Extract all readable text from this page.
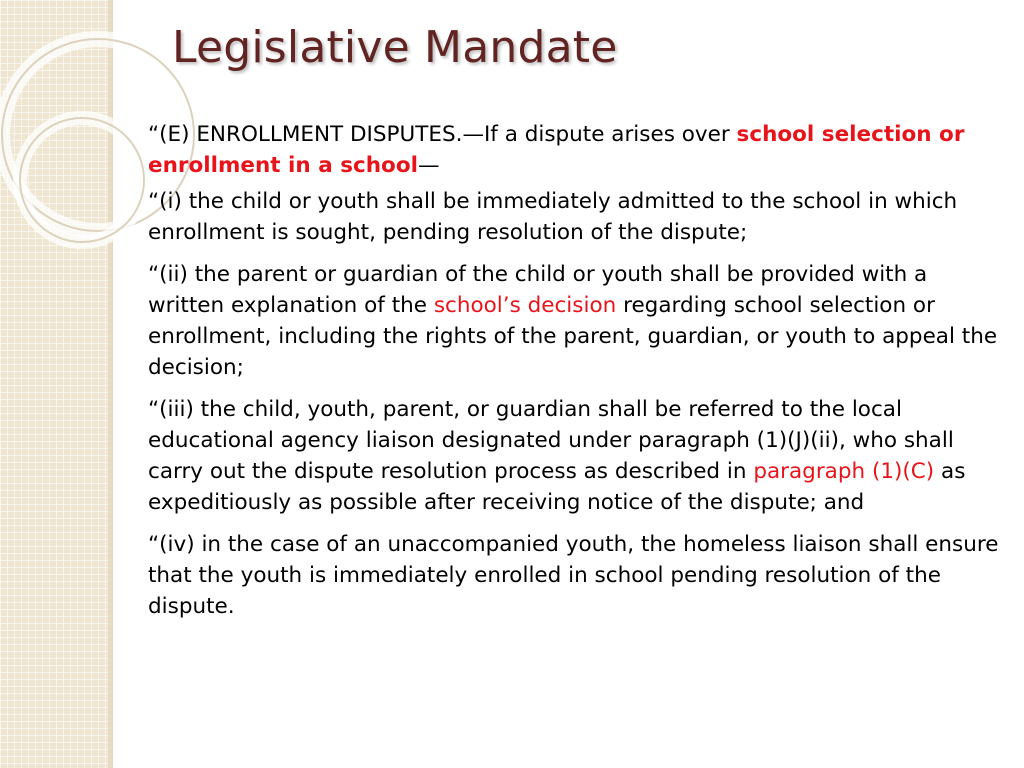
Legislative Mandate

“(E) ENROLLMENT DISPUTES.—If a dispute arises over school selection or enrollment in a school—

“(i) the child or youth shall be immediately admitted to the school in which enrollment is sought, pending resolution of the dispute;

“(ii) the parent or guardian of the child or youth shall be provided with a written explanation of the school’s decision regarding school selection or enrollment, including the rights of the parent, guardian, or youth to appeal the decision;

“(iii) the child, youth, parent, or guardian shall be referred to the local educational agency liaison designated under paragraph (1)(J)(ii), who shall carry out the dispute resolution process as described in paragraph (1)(C) as expeditiously as possible after receiving notice of the dispute; and

“(iv) in the case of an unaccompanied youth, the homeless liaison shall ensure that the youth is immediately enrolled in school pending resolution of the dispute.
